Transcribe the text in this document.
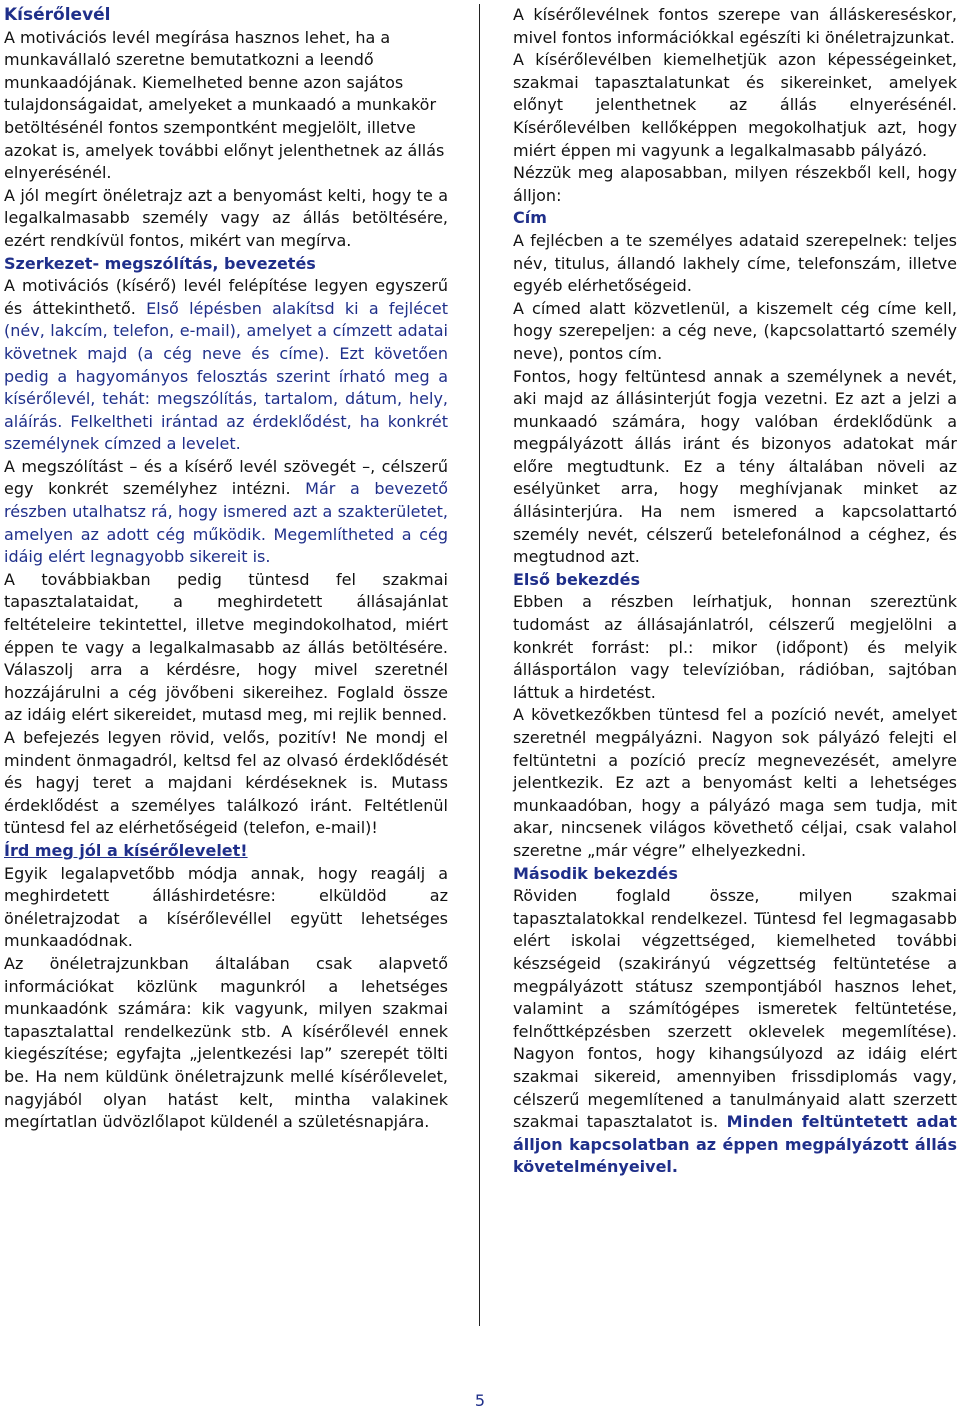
Kísérőlevél

A motivációs levél megírása hasznos lehet, ha a munkavállaló szeretne bemutatkozni a leendő munkaadójának. Kiemelheted benne azon sajátos tulajdonságaidat, amelyeket a munkaadó a munkakör betöltésénél fontos szempontként megjelölt, illetve azokat is, amelyek további előnyt jelenthetnek az állás elnyerésénél.

A jól megírt önéletrajz azt a benyomást kelti, hogy te a legalkalmasabb személy vagy az állás betöltésére, ezért rendkívül fontos, mikért van megírva.

Szerkezet- megszólítás, bevezetés

A motivációs (kísérő) levél felépítése legyen egyszerű és áttekinthető. Első lépésben alakítsd ki a fejlécet (név, lakcím, telefon, e-mail), amelyet a címzett adatai követnek majd (a cég neve és címe). Ezt követően pedig a hagyományos felosztás szerint írható meg a kísérőlevél, tehát: megszólítás, tartalom, dátum, hely, aláírás. Felkeltheti irántad az érdeklődést, ha konkrét személynek címzed a levelet.

A megszólítást – és a kísérő levél szövegét –, célszerű egy konkrét személyhez intézni. Már a bevezető részben utalhatsz rá, hogy ismered azt a szakterületet, amelyen az adott cég működik. Megemlítheted a cég idáig elért legnagyobb sikereit is.

A továbbiakban pedig tüntesd fel szakmai tapasztalataidat, a meghirdetett állásajánlat feltételeire tekintettel, illetve megindokolhatod, miért éppen te vagy a legalkalmasabb az állás betöltésére. Válaszolj arra a kérdésre, hogy mivel szeretnél hozzájárulni a cég jövőbeni sikereihez. Foglald össze az idáig elért sikereidet, mutasd meg, mi rejlik benned.

A befejezés legyen rövid, velős, pozitív! Ne mondj el mindent önmagadról, keltsd fel az olvasó érdeklődését és hagyj teret a majdani kérdéseknek is. Mutass érdeklődést a személyes találkozó iránt. Feltétlenül tüntesd fel az elérhetőségeid (telefon, e-mail)!

Írd meg jól a kísérőlevelet!

Egyik legalapvetőbb módja annak, hogy reagálj a meghirdetett álláshirdetésre: elküldöd az önéletrajzodat a kísérőlevéllel együtt lehetséges munkaadódnak.

Az önéletrajzunkban általában csak alapvető információkat közlünk magunkról a lehetséges munkaadónk számára: kik vagyunk, milyen szakmai tapasztalattal rendelkezünk stb. A kísérőlevél ennek kiegészítése; egyfajta „jelentkezési lap” szerepét tölti be. Ha nem küldünk önéletrajzunk mellé kísérőlevelet, nagyjából olyan hatást kelt, mintha valakinek megírtatlan üdvözlőlapot küldenél a születésnapjára.

A kísérőlevélnek fontos szerepe van álláskereséskor, mivel fontos információkkal egészíti ki önéletrajzunkat.

A kísérőlevélben kiemelhetjük azon képességeinket, szakmai tapasztalatunkat és sikereinket, amelyek előnyt jelenthetnek az állás elnyerésénél. Kísérőlevélben kellőképpen megokolhatjuk azt, hogy miért éppen mi vagyunk a legalkalmasabb pályázó.

Nézzük meg alaposabban, milyen részekből kell, hogy álljon:

Cím

A fejlécben a te személyes adataid szerepelnek: teljes név, titulus, állandó lakhely címe, telefonszám, illetve egyéb elérhetőségeid.

A címed alatt közvetlenül, a kiszemelt cég címe kell, hogy szerepeljen: a cég neve, (kapcsolattartó személy neve), pontos cím.

Fontos, hogy feltüntesd annak a személynek a nevét, aki majd az állásinterjút fogja vezetni. Ez azt a jelzi a munkaadó számára, hogy valóban érdeklődünk a megpályázott állás iránt és bizonyos adatokat már előre megtudtunk. Ez a tény általában növeli az esélyünket arra, hogy meghívjanak minket az állásinterjúra. Ha nem ismered a kapcsolattartó személy nevét, célszerű betelefonálnod a céghez, és megtudnod azt.

Első bekezdés

Ebben a részben leírhatjuk, honnan szereztünk tudomást az állásajánlatról, célszerű megjelölni a konkrét forrást: pl.: mikor (időpont) és melyik állásportálon vagy televízióban, rádióban, sajtóban láttuk a hirdetést.

A következőkben tüntesd fel a pozíció nevét, amelyet szeretnél megpályázni. Nagyon sok pályázó felejti el feltüntetni a pozíció precíz megnevezését, amelyre jelentkezik. Ez azt a benyomást kelti a lehetséges munkaadóban, hogy a pályázó maga sem tudja, mit akar, nincsenek világos követhető céljai, csak valahol szeretne „már végre” elhelyezkedni.

Második bekezdés

Röviden foglald össze, milyen szakmai tapasztalatokkal rendelkezel. Tüntesd fel legmagasabb elért iskolai végzettséged, kiemelheted további készségeid (szakirányú végzettség feltüntetése a megpályázott státusz szempontjából hasznos lehet, valamint a számítógépes ismeretek feltüntetése, felnőttképzésben szerzett oklevelek megemlítése). Nagyon fontos, hogy kihangsúlyozd az idáig elért szakmai sikereid, amennyiben frissdiplomás vagy, célszerű megemlítened a tanulmányaid alatt szerzett szakmai tapasztalatot is. Minden feltüntetett adat álljon kapcsolatban az éppen megpályázott állás követelményeivel.

5
